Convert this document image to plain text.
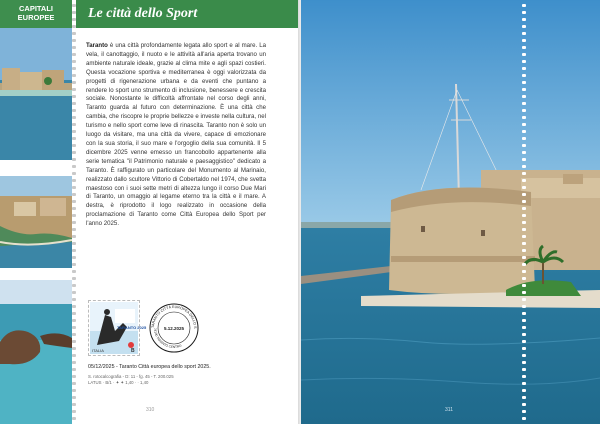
CAPITALI EUROPEE	Le città dello Sport
Taranto è una città profondamente legata allo sport e al mare. La vela, il canottaggio, il nuoto e le attività all'aria aperta trovano un ambiente naturale ideale, grazie al clima mite e agli spazi costieri. Questa vocazione sportiva e mediterranea è oggi valorizzata da progetti di rigenerazione urbana e da eventi che puntano a rendere lo sport uno strumento di inclusione, benessere e crescita sociale. Nonostante le difficoltà affrontate nel corso degli anni, Taranto guarda al futuro con determinazione. È una città che cambia, che riscopre le proprie bellezze e investe nella cultura, nel turismo e nello sport come leve di rinascita. Taranto non è solo un luogo da visitare, ma una città da vivere, capace di emozionare con la sua storia, il suo mare e l'orgoglio della sua comunità. Il 5 dicembre 2025 venne emesso un francobollo appartenente alla serie tematica "il Patrimonio naturale e paesaggistico" dedicato a Taranto. È raffigurato un particolare del Monumento al Marinaio, realizzato dallo scultore Vittorio di Cobertaldo nel 1974, che svetta maestoso con i suoi sette metri di altezza lungo il corso Due Mari di Taranto, un omaggio al legame eterno tra la città e il mare. A destra, è riprodotto il logo realizzato in occasione della proclamazione di Taranto come Città Europea dello Sport per l'anno 2025.
TARANTO 2025
ITALIA	B
TARANTO CITTÀ EUROPEA DELLO S
74100 TARANTO CENTRO
5.12.2025
05/12/2025 - Taranto Città europea dello sport 2025.
S. rotocalcografia - D: 11 - fg. 45 - T. 200.025
LATUS · B/1 · ✦ ✦ 1,40 · · 1,40
310	311
